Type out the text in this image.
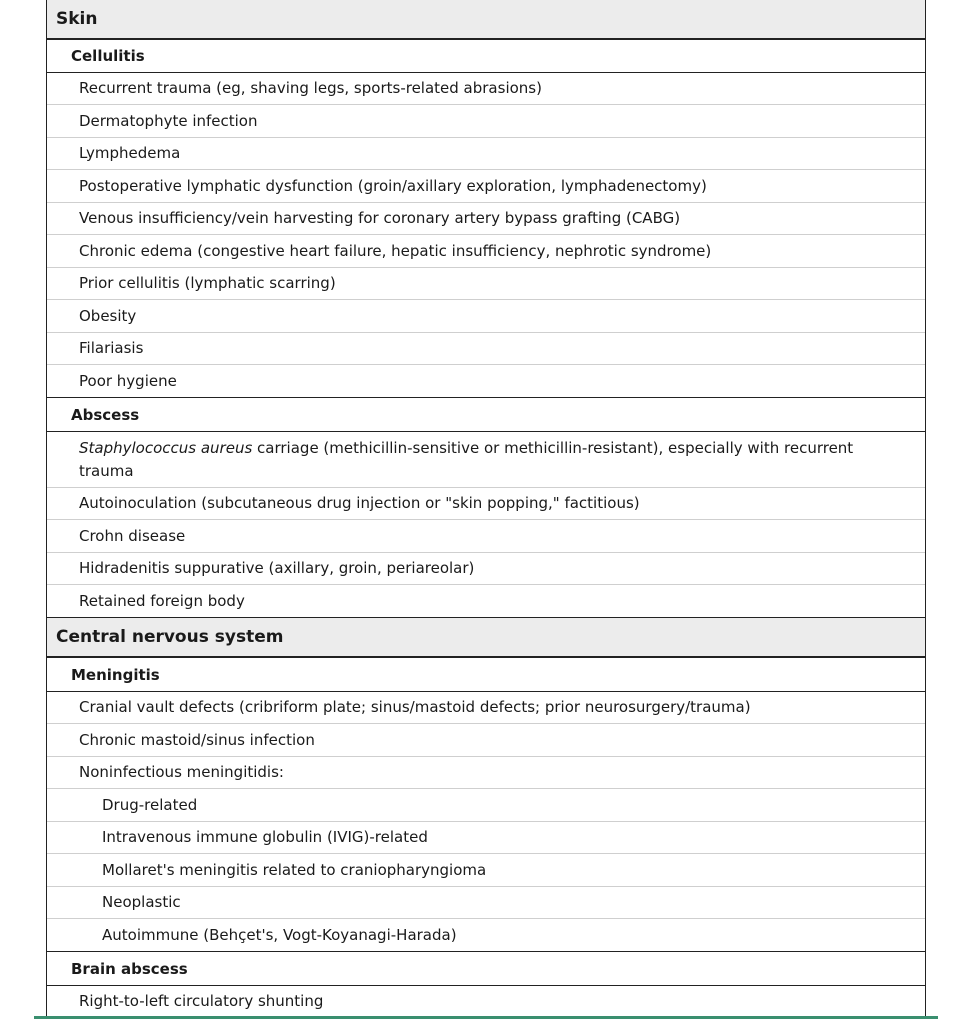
Skin
Cellulitis
Recurrent trauma (eg, shaving legs, sports-related abrasions)
Dermatophyte infection
Lymphedema
Postoperative lymphatic dysfunction (groin/axillary exploration, lymphadenectomy)
Venous insufficiency/vein harvesting for coronary artery bypass grafting (CABG)
Chronic edema (congestive heart failure, hepatic insufficiency, nephrotic syndrome)
Prior cellulitis (lymphatic scarring)
Obesity
Filariasis
Poor hygiene
Abscess
Staphylococcus aureus carriage (methicillin-sensitive or methicillin-resistant), especially with recurrent trauma
Autoinoculation (subcutaneous drug injection or "skin popping," factitious)
Crohn disease
Hidradenitis suppurative (axillary, groin, periareolar)
Retained foreign body
Central nervous system
Meningitis
Cranial vault defects (cribriform plate; sinus/mastoid defects; prior neurosurgery/trauma)
Chronic mastoid/sinus infection
Noninfectious meningitidis:
Drug-related
Intravenous immune globulin (IVIG)-related
Mollaret's meningitis related to craniopharyngioma
Neoplastic
Autoimmune (Behçet's, Vogt-Koyanagi-Harada)
Brain abscess
Right-to-left circulatory shunting
